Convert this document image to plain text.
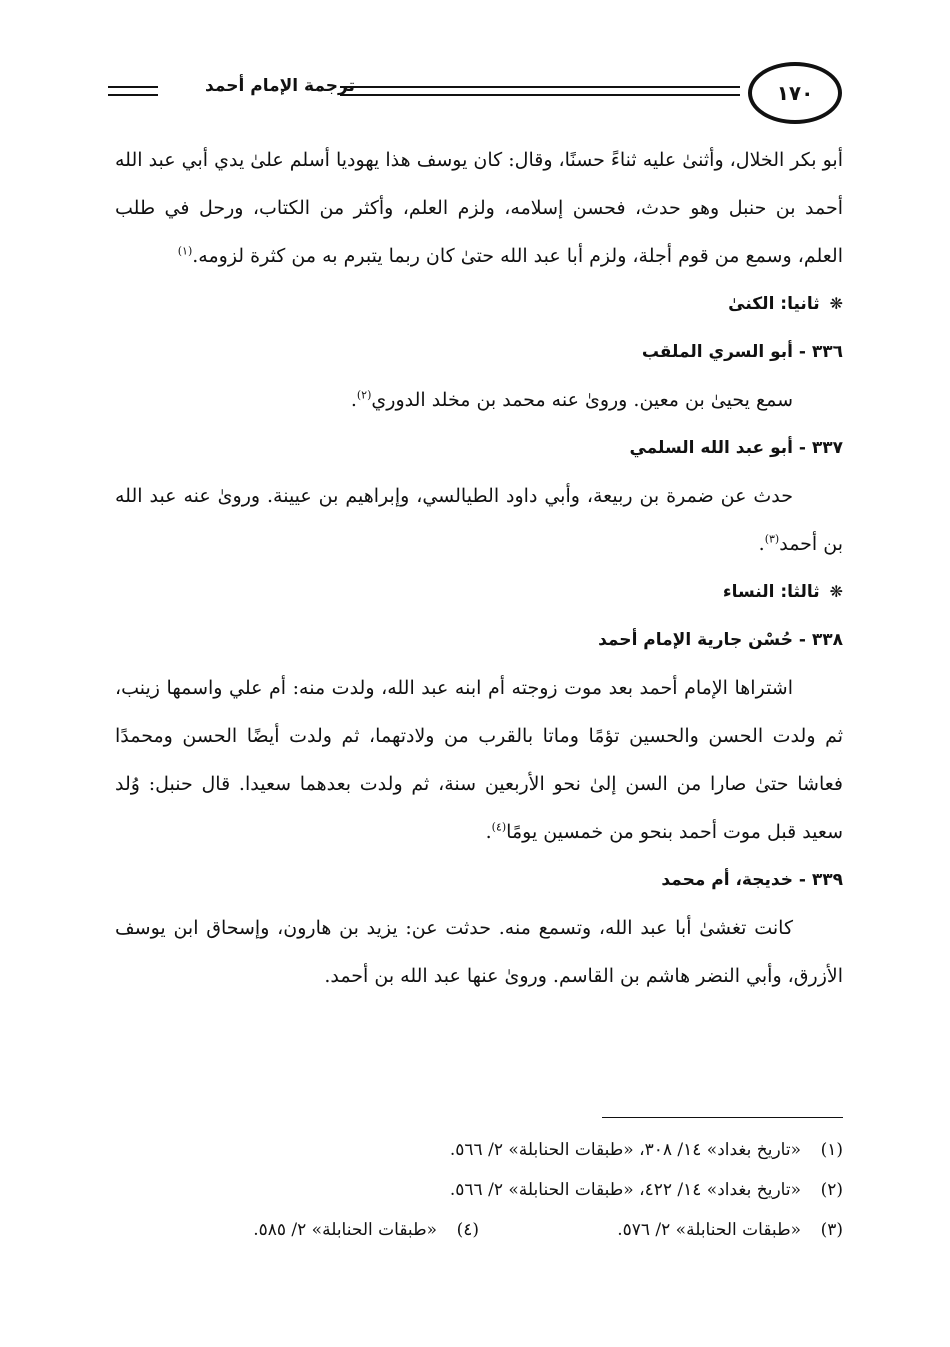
ترجمة الإمام أحمد	١٧٠

أبو بكر الخلال، وأثنىٰ عليه ثناءً حسنًا، وقال: كان يوسف هذا يهوديا أسلم علىٰ يدي أبي عبد الله أحمد بن حنبل وهو حدث، فحسن إسلامه، ولزم العلم، وأكثر من الكتاب، ورحل في طلب العلم، وسمع من قوم أجلة، ولزم أبا عبد الله حتىٰ كان ربما يتبرم به من كثرة لزومه.$^{(١)}$

❋ثانيا: الكنىٰ

٣٣٦ - أبو السري الملقب

سمع يحيىٰ بن معين. وروىٰ عنه محمد بن مخلد الدوري$^{(٢)}$.

٣٣٧ - أبو عبد الله السلمي

حدث عن ضمرة بن ربيعة، وأبي داود الطيالسي، وإبراهيم بن عيينة. وروىٰ عنه عبد الله بن أحمد$^{(٣)}$.

❋ثالثا: النساء

٣٣٨ - حُسْن جارية الإمام أحمد

اشتراها الإمام أحمد بعد موت زوجته أم ابنه عبد الله، ولدت منه: أم علي واسمها زينب، ثم ولدت الحسن والحسين تؤمًا وماتا بالقرب من ولادتهما، ثم ولدت أيضًا الحسن ومحمدًا فعاشا حتىٰ صارا من السن إلىٰ نحو الأربعين سنة، ثم ولدت بعدهما سعيدا. قال حنبل: وُلد سعيد قبل موت أحمد بنحو من خمسين يومًا$^{(٤)}$.

٣٣٩ - خديجة، أم محمد

كانت تغشىٰ أبا عبد الله، وتسمع منه. حدثت عن: يزيد بن هارون، وإسحاق ابن يوسف الأزرق، وأبي النضر هاشم بن القاسم. وروىٰ عنها عبد الله بن أحمد.

(١)
«تاريخ بغداد» ١٤/ ٣٠٨، «طبقات الحنابلة» ٢/ ٥٦٦.
(٢)
«تاريخ بغداد» ١٤/ ٤٢٢، «طبقات الحنابلة» ٢/ ٥٦٦.
(٣)
«طبقات الحنابلة» ٢/ ٥٧٦.
(٤)
«طبقات الحنابلة» ٢/ ٥٨٥.
